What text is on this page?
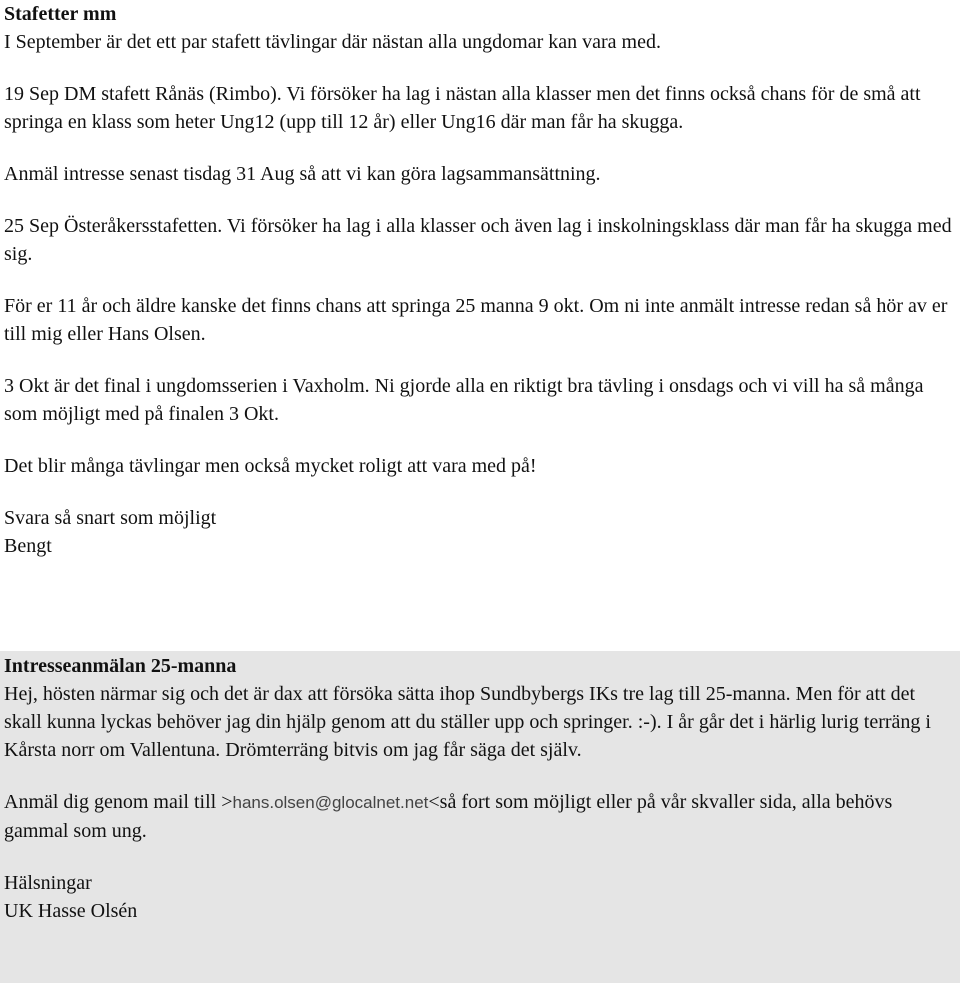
Stafetter mm

I September är det ett par stafett tävlingar där nästan alla ungdomar kan vara med.

19 Sep DM stafett Rånäs (Rimbo). Vi försöker ha lag i nästan alla klasser men det finns också chans för de små att springa en klass som heter Ung12 (upp till 12 år) eller Ung16 där man får ha skugga.

Anmäl intresse senast tisdag 31 Aug så att vi kan göra lagsammansättning.

25 Sep Österåkersstafetten. Vi försöker ha lag i alla klasser och även lag i inskolningsklass där man får ha skugga med sig.

För er 11 år och äldre kanske det finns chans att springa 25 manna 9 okt. Om ni inte anmält intresse redan så hör av er till mig eller Hans Olsen.

3 Okt är det final i ungdomsserien i Vaxholm. Ni gjorde alla en riktigt bra tävling i onsdags och vi vill ha så många som möjligt med på finalen 3 Okt.

Det blir många tävlingar men också mycket roligt att vara med på!

Svara så snart som möjligt

Bengt

Intresseanmälan 25-manna

Hej, hösten närmar sig och det är dax att försöka sätta ihop Sundbybergs IKs tre lag till 25-manna. Men för att det skall kunna lyckas behöver jag din hjälp genom att du ställer upp och springer. :-). I år går det i härlig lurig terräng i Kårsta norr om Vallentuna. Drömterräng bitvis om jag får säga det själv.

Anmäl dig genom mail till >hans.olsen@glocalnet.net<så fort som möjligt eller på vår skvaller sida, alla behövs gammal som ung.

Hälsningar

UK Hasse Olsén
